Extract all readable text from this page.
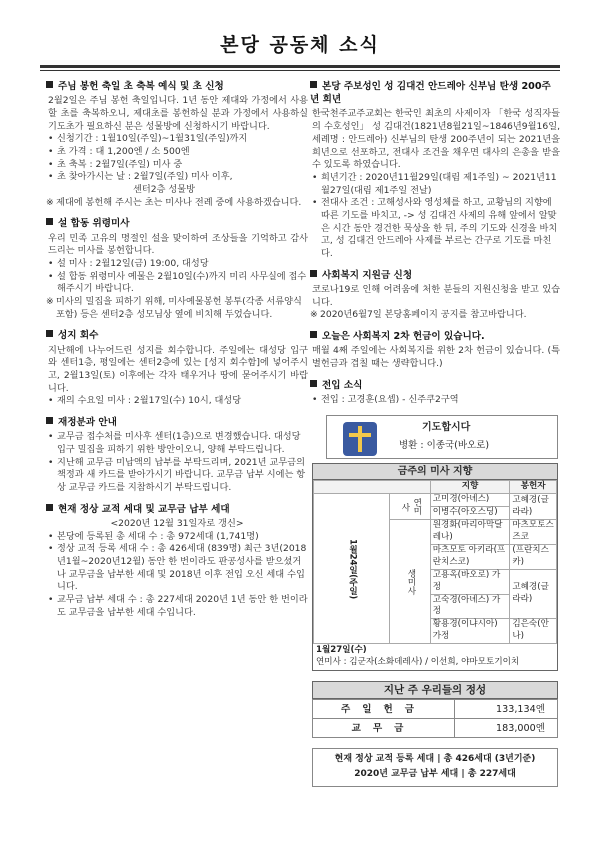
본당 공동체 소식
주님 봉헌 축일 초 축복 예식 및 초 신청
2월2일은 주님 봉헌 축일입니다. 1년 동안 제대와 가정에서 사용할 초를 축복하오니, 제대초를 봉헌하실 분과 가정에서 사용하실 기도초가 필요하신 분은 성물방에 신청하시기 바랍니다.
• 신청기간 : 1월10일(주일)~1월31일(주일)까지
• 초 가격 : 대 1,200엔 / 소 500엔
• 초 축복 : 2월7일(주일) 미사 중
• 초 찾아가시는 날 : 2월7일(주일) 미사 이후,
센터2층 성물방
※ 제대에 봉헌해 주시는 초는 미사나 전례 중에 사용하겠습니다.
설 합동 위령미사
우리 민족 고유의 명절인 설을 맞이하여 조상들을 기억하고 감사드리는 미사를 봉헌합니다.
• 설 미사 : 2월12일(금) 19:00, 대성당
• 설 합동 위령미사 예물은 2월10일(수)까지 미리 사무실에 접수해주시기 바랍니다.
※ 미사의 밀집을 피하기 위해, 미사예물봉헌 봉투(각종 서류양식 포함) 등은 센터2층 성모님상 옆에 비치해 두었습니다.
성지 회수
지난해에 나누어드린 성지를 회수합니다. 주일에는 대성당 입구와 센터1층, 평일에는 센터2층에 있는 [성지 회수함]에 넣어주시고, 2월13일(토) 이후에는 각자 태우거나 땅에 묻어주시기 바랍니다.
• 재의 수요일 미사 : 2월17일(수) 10시, 대성당
재정분과 안내
• 교무금 접수처를 미사후 센터(1층)으로 변경했습니다. 대성당 입구 밀집을 피하기 위한 방안이오니, 양해 부탁드립니다.
• 지난해 교무금 미납액의 납부를 부탁드리며, 2021년 교무금의 책정과 새 카드를 받아가시기 바랍니다. 교무금 납부 시에는 항상 교무금 카드를 지참하시기 부탁드립니다.
현재 정상 교적 세대 및 교무금 납부 세대
<2020년 12월 31일자로 갱신>
• 본당에 등록된 총 세대 수 : 총 972세대 (1,741명)
• 정상 교적 등록 세대 수 : 총 426세대 (839명) 최근 3년(2018년1월~2020년12월) 동안 한 번이라도 판공성사를 받으셨거나 교무금을 납부한 세대 및 2018년 이후 전입 오신 세대 수입니다.
• 교무금 납부 세대 수 : 총 227세대 2020년 1년 동안 한 번이라도 교무금을 납부한 세대 수입니다.
본당 주보성인 성 김대건 안드레아 신부님 탄생 200주년 희년
한국천주교주교회는 한국인 최초의 사제이자 「한국 성직자들의 수호성인」 성 김대건(1821년8월21일~1846년9월16일, 세례명 : 안드레아) 신부님의 탄생 200주년이 되는 2021년을 희년으로 선포하고, 전대사 조건을 채우면 대사의 은총을 받을 수 있도록 하였습니다.
• 희년기간 : 2020년11월29일(대림 제1주일) ~ 2021년11월27일(대림 제1주일 전날)
• 전대사 조건 : 고해성사와 영성체를 하고, 교황님의 지향에 따른 기도를 바치고, -> 성 김대건 사제의 유해 앞에서 알맞은 시간 동안 경건한 묵상을 한 뒤, 주의 기도와 신경을 바치고, 성 김대건 안드레아 사제를 부르는 간구로 기도를 마친다.
사회복지 지원금 신청
코로나19로 인해 어려움에 처한 분들의 지원신청을 받고 있습니다.
※ 2020년6월7일 본당홈페이지 공지를 참고바랍니다.
오늘은 사회복지 2차 헌금이 있습니다.
매월 4째 주일에는 사회복지를 위한 2차 헌금이 있습니다. (특별헌금과 겹칠 때는 생략합니다.)
전입 소식
• 전입 : 고경훈(요셉) - 신주쿠2구역
기도합시다
병환 : 이종국(바오로)
금주의 미사 지향
		지향	봉헌자
1월24일(주일)	연미사	고미경(아녜스)	고혜경(글라라)
		이병수(아오스딩)	
	생미사	원경화(마리아막달레나)	마츠모토스즈코
		마츠모토 아키라(프란치스코)	(프란치스카)
		고용옥(바오로) 가정	고혜경(글라라)
		고숙경(아녜스) 가정	
		황용경(이냐시아) 가정	김은숙(안나)
1월27일(수)
연미사 : 김군자(소화데레사) / 이선희, 야마모토기이치
지난 주 우리들의 정성
주일헌금	133,134엔
교무금	183,000엔
현재 정상 교적 등록 세대 | 총 426세대 (3년기준)
2020년 교무금 납부 세대 | 총 227세대
